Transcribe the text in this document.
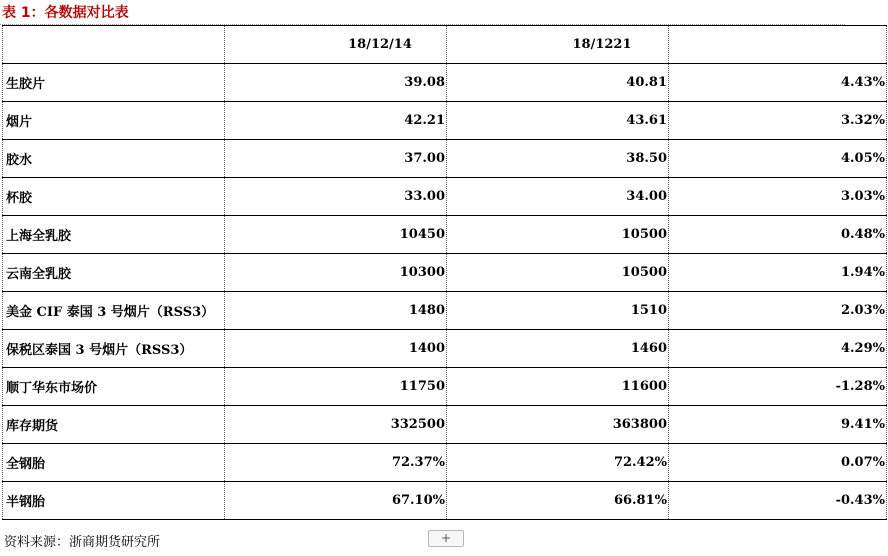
表 1：各数据对比表
	18/12/14	18/1221	
生胶片	39.08	40.81	4.43%
烟片	42.21	43.61	3.32%
胶水	37.00	38.50	4.05%
杯胶	33.00	34.00	3.03%
上海全乳胶	10450	10500	0.48%
云南全乳胶	10300	10500	1.94%
美金 CIF 泰国 3 号烟片（RSS3）	1480	1510	2.03%
保税区泰国 3 号烟片（RSS3）	1400	1460	4.29%
顺丁华东市场价	11750	11600	-1.28%
库存期货	332500	363800	9.41%
全钢胎	72.37%	72.42%	0.07%
半钢胎	67.10%	66.81%	-0.43%
资料来源：浙商期货研究所	+
